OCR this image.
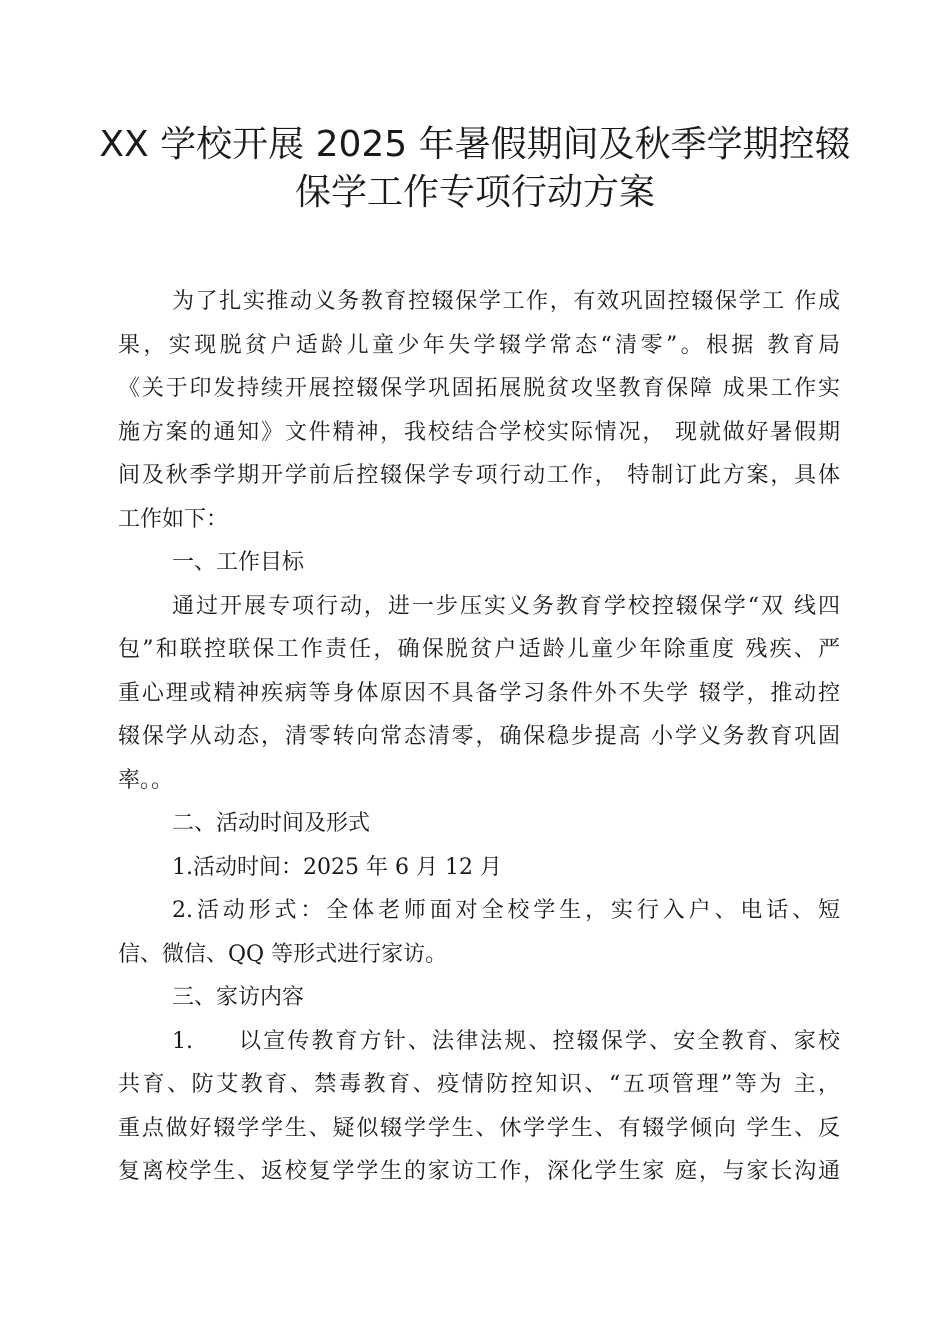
XX 学校开展 2025 年暑假期间及秋季学期控辍
保学工作专项行动方案
为了扎实推动义务教育控辍保学工作，有效巩固控辍保学工 作成
果，实现脱贫户适龄儿童少年失学辍学常态“清零”。根据 教育局
《关于印发持续开展控辍保学巩固拓展脱贫攻坚教育保障 成果工作实
施方案的通知》文件精神，我校结合学校实际情况， 现就做好暑假期
间及秋季学期开学前后控辍保学专项行动工作， 特制订此方案，具体
工作如下：
一、工作目标
通过开展专项行动，进一步压实义务教育学校控辍保学“双 线四
包”和联控联保工作责任，确保脱贫户适龄儿童少年除重度 残疾、严
重心理或精神疾病等身体原因不具备学习条件外不失学 辍学，推动控
辍保学从动态，清零转向常态清零，确保稳步提高 小学义务教育巩固
率。。
二、活动时间及形式
1.活动时间：2025 年 6 月 12 月
2.活动形式：全体老师面对全校学生，实行入户、电话、短
信、微信、QQ 等形式进行家访。
三、家访内容
1. 以宣传教育方针、法律法规、控辍保学、安全教育、家校
共育、防艾教育、禁毒教育、疫情防控知识、“五项管理”等为 主，
重点做好辍学学生、疑似辍学学生、休学学生、有辍学倾向 学生、反
复离校学生、返校复学学生的家访工作，深化学生家 庭，与家长沟通
